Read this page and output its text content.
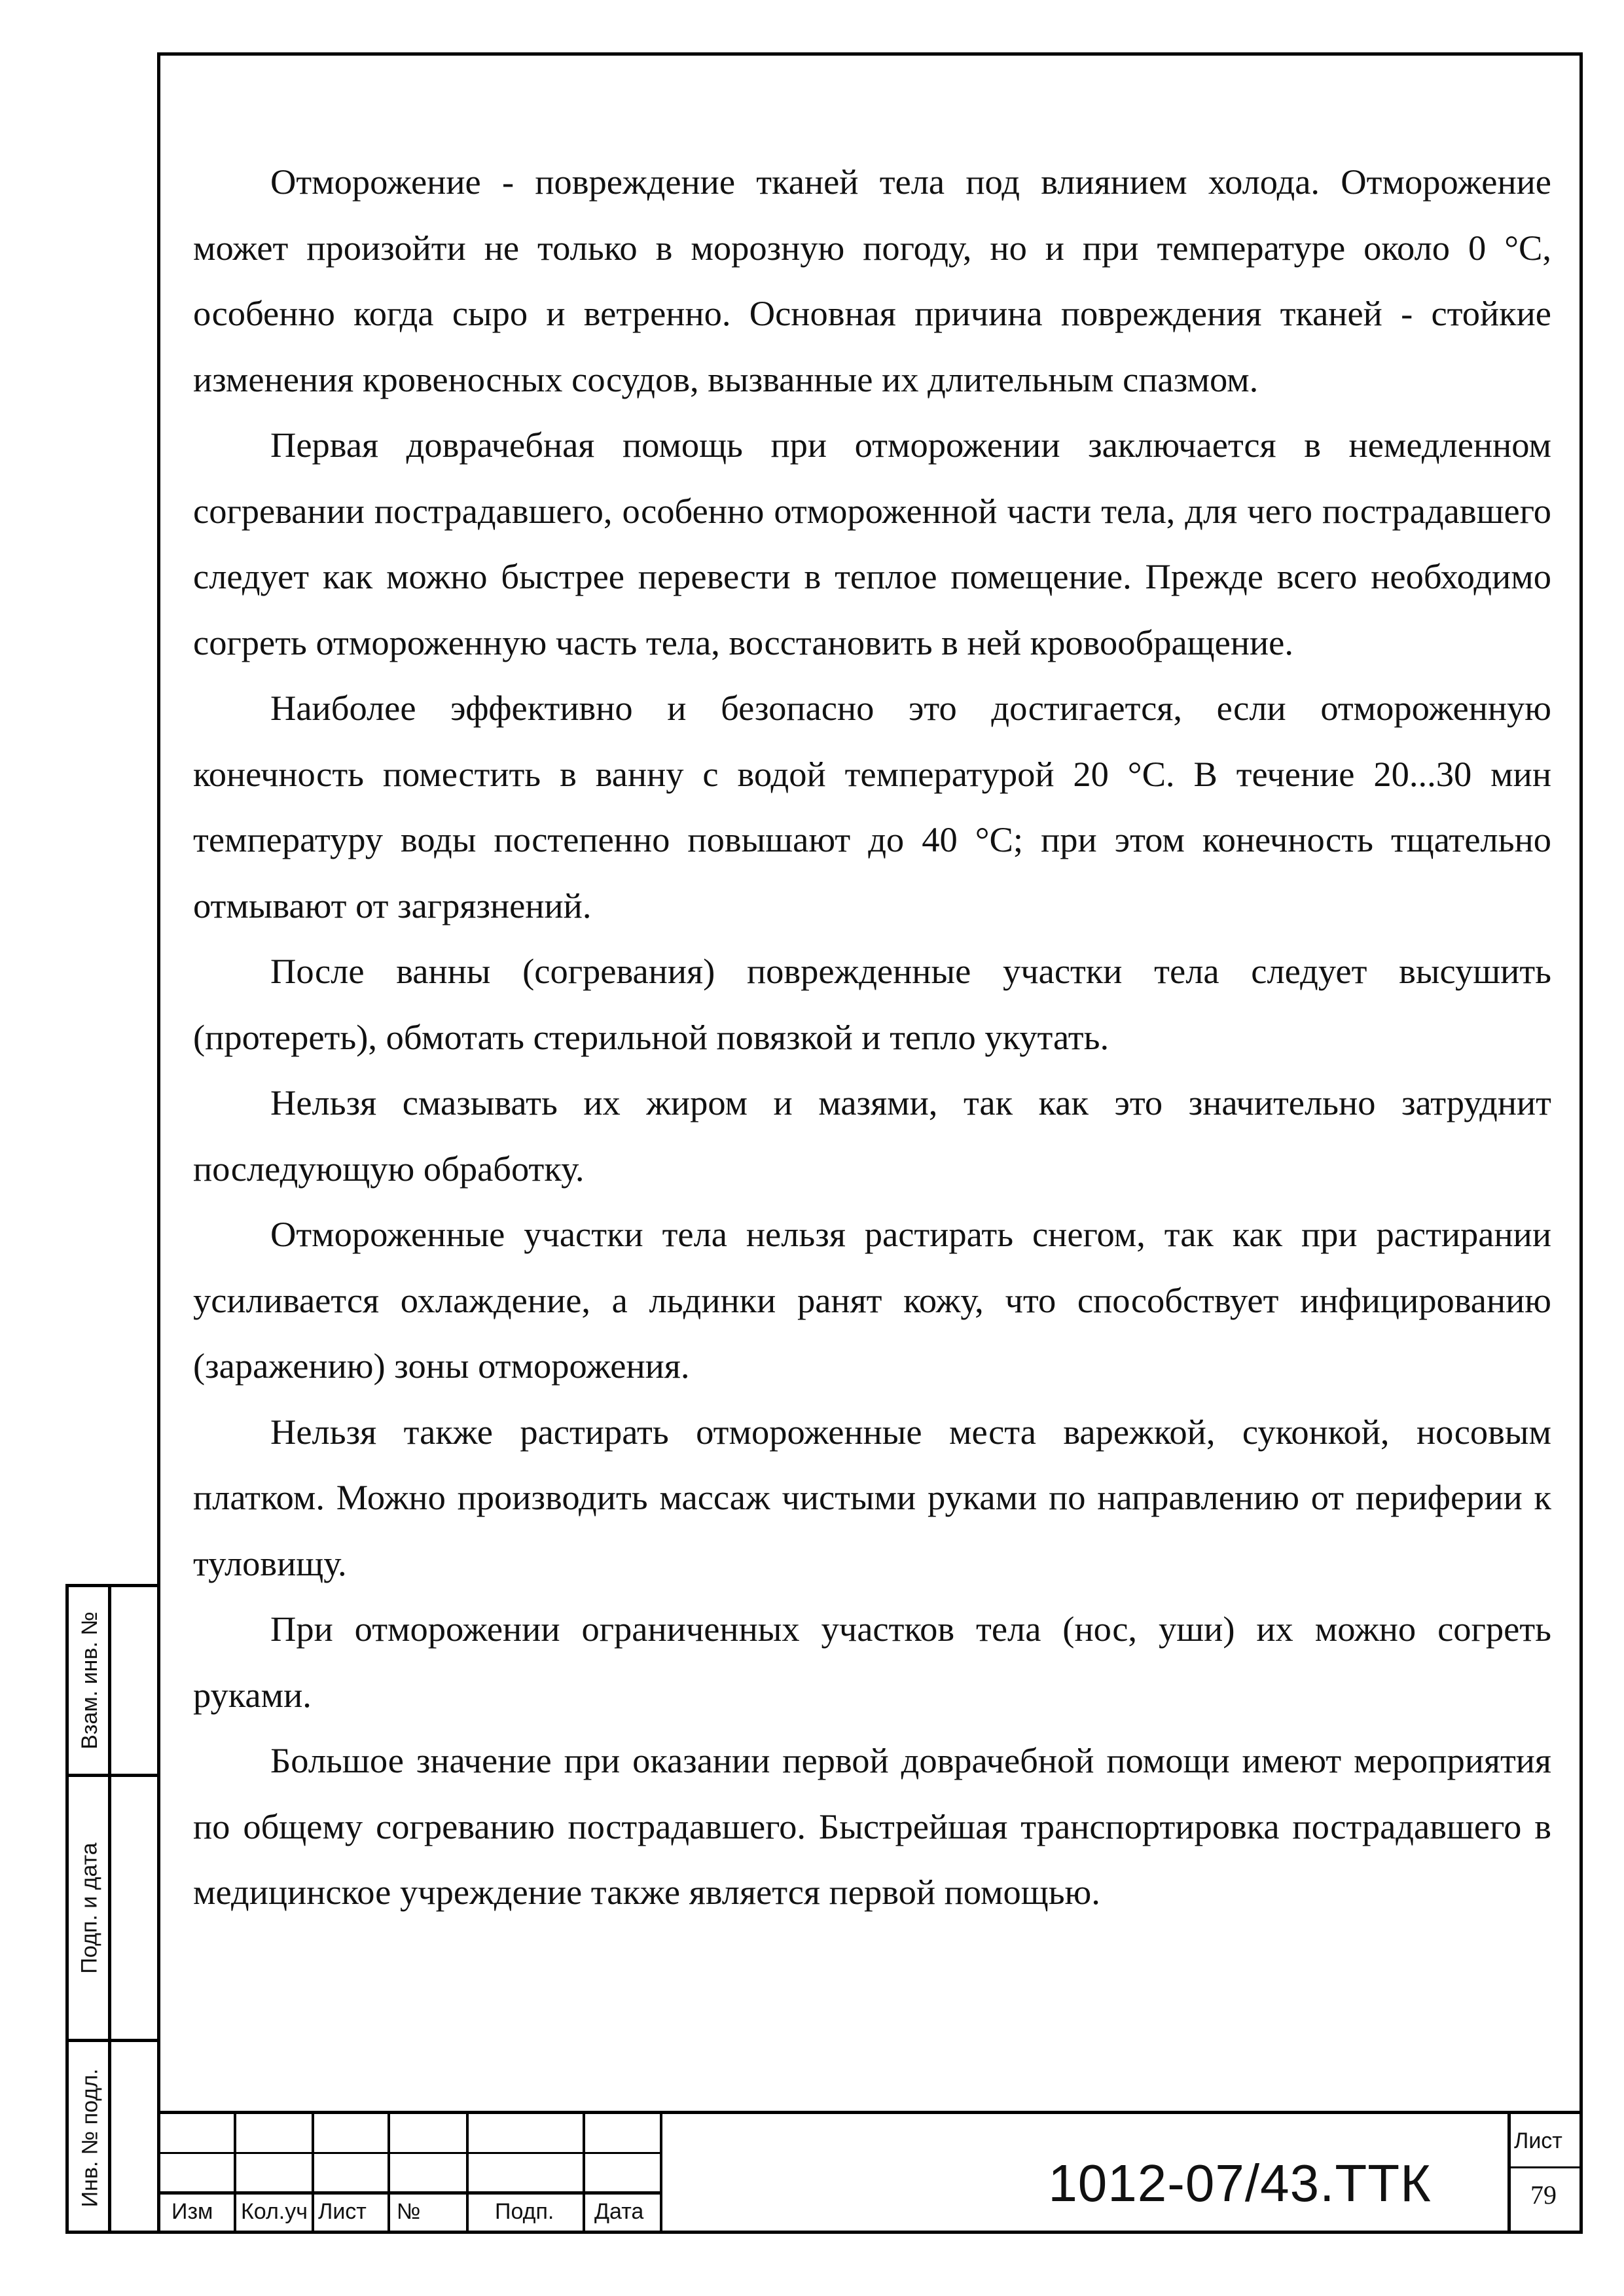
Отморожение - повреждение тканей тела под влиянием холода. Отморожение может произойти не только в морозную погоду, но и при температуре около 0 °С, особенно когда сыро и ветренно. Основная причина повреждения тканей - стойкие изменения кровеносных сосудов, вызванные их длительным спазмом.

Первая доврачебная помощь при отморожении заключается в немедленном согревании пострадавшего, особенно отмороженной части тела, для чего пострадавшего следует как можно быстрее перевести в теплое помещение. Прежде всего необходимо согреть отмороженную часть тела, восстановить в ней кровообращение.

Наиболее эффективно и безопасно это достигается, если отмороженную конечность поместить в ванну с водой температурой 20 °С. В течение 20...30 мин температуру воды постепенно повышают до 40 °С; при этом конечность тщательно отмывают от загрязнений.

После ванны (согревания) поврежденные участки тела следует высушить (протереть), обмотать стерильной повязкой и тепло укутать.

Нельзя смазывать их жиром и мазями, так как это значительно затруднит последующую обработку.

Отмороженные участки тела нельзя растирать снегом, так как при растирании усиливается охлаждение, а льдинки ранят кожу, что способствует инфицированию (заражению) зоны отморожения.

Нельзя также растирать отмороженные места варежкой, суконкой, носовым платком. Можно производить массаж чистыми руками по направлению от периферии к туловищу.

При отморожении ограниченных участков тела (нос, уши) их можно согреть руками.

Большое значение при оказании первой доврачебной помощи имеют мероприятия по общему согреванию пострадавшего. Быстрейшая транспортировка пострадавшего в медицинское учреждение также является первой помощью.

Взам. инв. №
Подп. и дата
Инв. № подл.
Изм Кол.уч Лист №	Подп. Дата	1012-07/43.ТТК
Лист
79
